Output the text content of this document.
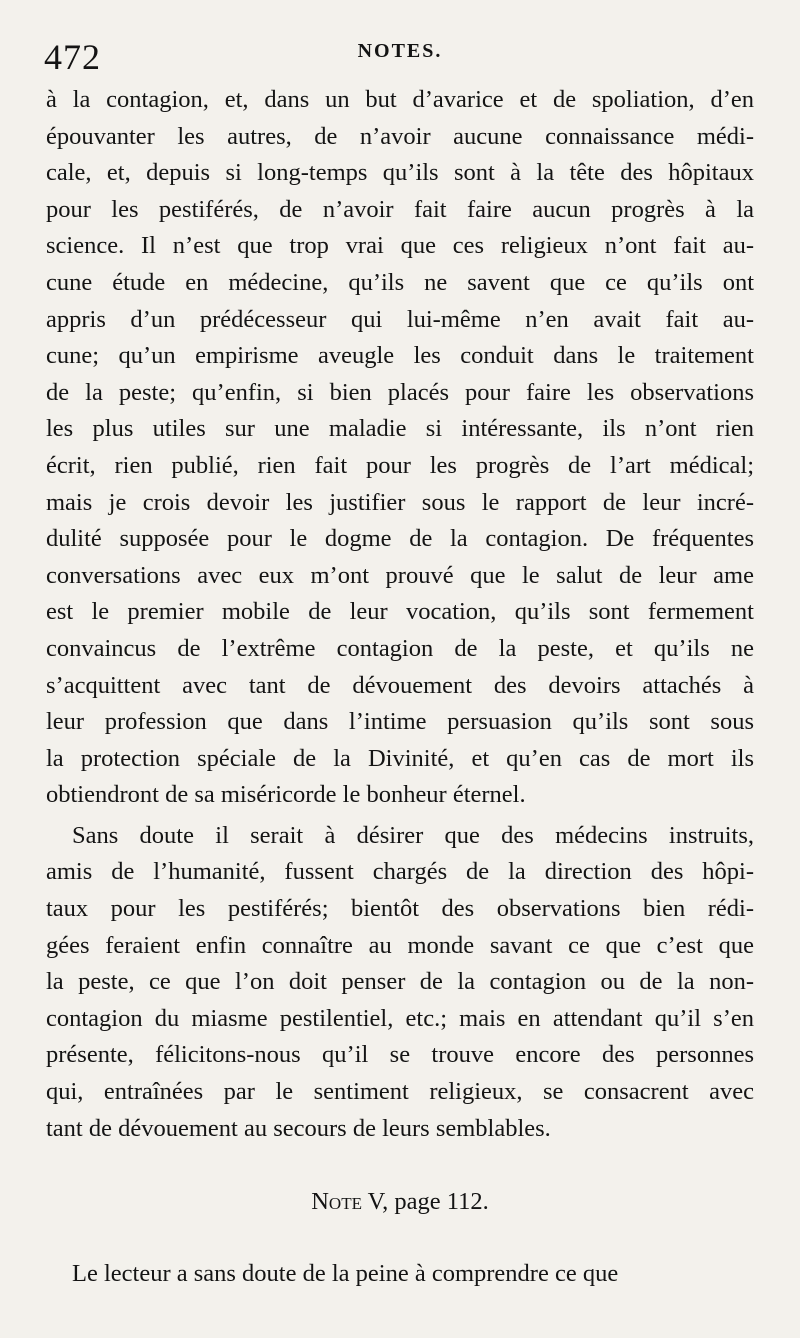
472	NOTES.
à la contagion, et, dans un but d’avarice et de spoliation, d’en
épouvanter les autres, de n’avoir aucune connaissance médi-
cale, et, depuis si long-temps qu’ils sont à la tête des hôpitaux
pour les pestiférés, de n’avoir fait faire aucun progrès à la
science. Il n’est que trop vrai que ces religieux n’ont fait au-
cune étude en médecine, qu’ils ne savent que ce qu’ils ont
appris d’un prédécesseur qui lui-même n’en avait fait au-
cune; qu’un empirisme aveugle les conduit dans le traitement
de la peste; qu’enfin, si bien placés pour faire les observations
les plus utiles sur une maladie si intéressante, ils n’ont rien
écrit, rien publié, rien fait pour les progrès de l’art médical;
mais je crois devoir les justifier sous le rapport de leur incré-
dulité supposée pour le dogme de la contagion. De fréquentes
conversations avec eux m’ont prouvé que le salut de leur ame
est le premier mobile de leur vocation, qu’ils sont fermement
convaincus de l’extrême contagion de la peste, et qu’ils ne
s’acquittent avec tant de dévouement des devoirs attachés à
leur profession que dans l’intime persuasion qu’ils sont sous
la protection spéciale de la Divinité, et qu’en cas de mort ils
obtiendront de sa miséricorde le bonheur éternel.
Sans doute il serait à désirer que des médecins instruits,
amis de l’humanité, fussent chargés de la direction des hôpi-
taux pour les pestiférés; bientôt des observations bien rédi-
gées feraient enfin connaître au monde savant ce que c’est que
la peste, ce que l’on doit penser de la contagion ou de la non-
contagion du miasme pestilentiel, etc.; mais en attendant qu’il s’en
présente, félicitons-nous qu’il se trouve encore des personnes
qui, entraînées par le sentiment religieux, se consacrent avec
tant de dévouement au secours de leurs semblables.
Note V, page 112.
Le lecteur a sans doute de la peine à comprendre ce que
